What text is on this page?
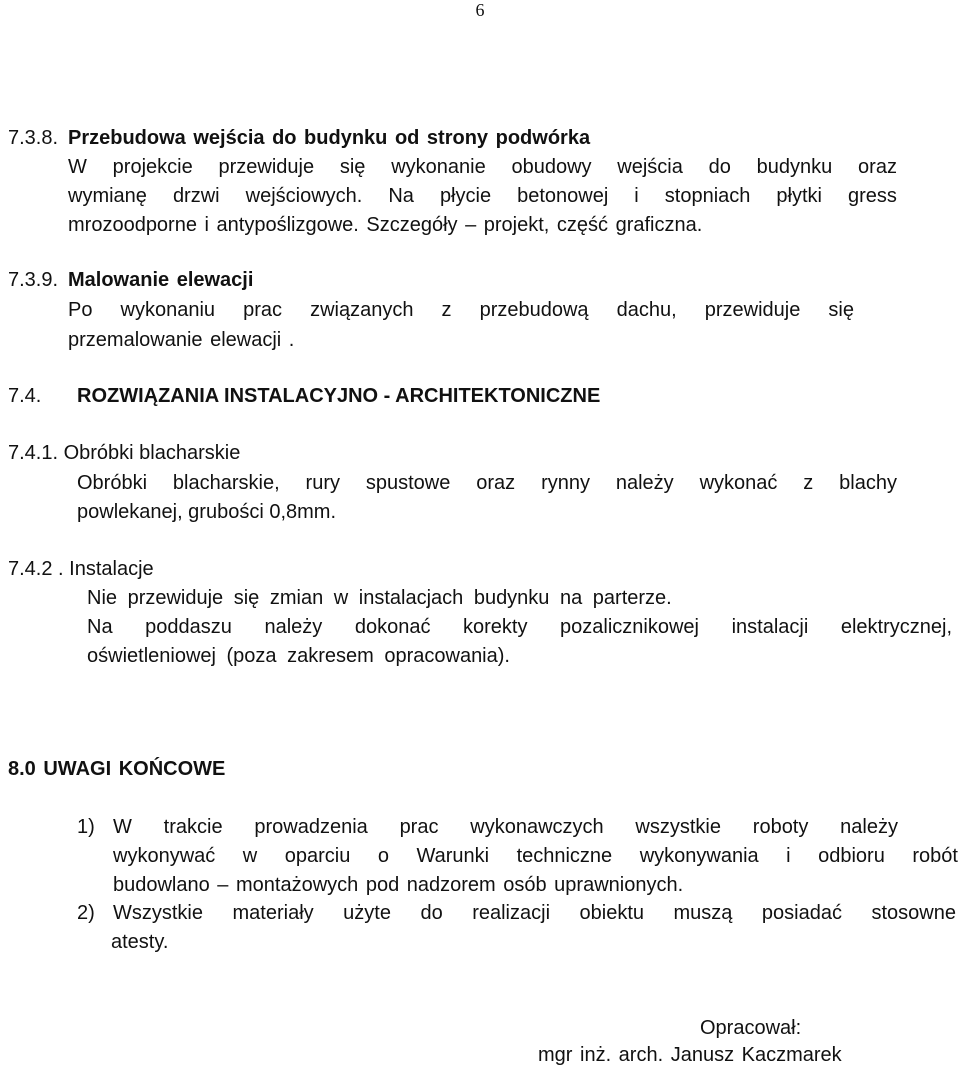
6
7.3.8. Przebudowa wejścia do budynku od strony podwórka
W projekcie przewiduje się wykonanie obudowy wejścia do budynku oraz
wymianę drzwi wejściowych. Na płycie betonowej i stopniach płytki gress
mrozoodporne i antypoślizgowe. Szczegóły – projekt, część graficzna.
7.3.9. Malowanie elewacji
Po wykonaniu prac związanych z przebudową dachu, przewiduje się
przemalowanie elewacji .
7.4. ROZWIĄZANIA INSTALACYJNO - ARCHITEKTONICZNE
7.4.1. Obróbki blacharskie
Obróbki blacharskie, rury spustowe oraz rynny należy wykonać z blachy
powlekanej, grubości 0,8mm.
7.4.2 . Instalacje
Nie przewiduje się zmian w instalacjach budynku na parterze.
Na poddaszu należy dokonać korekty pozalicznikowej instalacji elektrycznej,
oświetleniowej (poza zakresem opracowania).
8.0 UWAGI KOŃCOWE
1) W trakcie prowadzenia prac wykonawczych wszystkie roboty należy
wykonywać w oparciu o Warunki techniczne wykonywania i odbioru robót
budowlano – montażowych pod nadzorem osób uprawnionych.
2) Wszystkie materiały użyte do realizacji obiektu muszą posiadać stosowne
atesty.
Opracował:
mgr inż. arch. Janusz Kaczmarek
